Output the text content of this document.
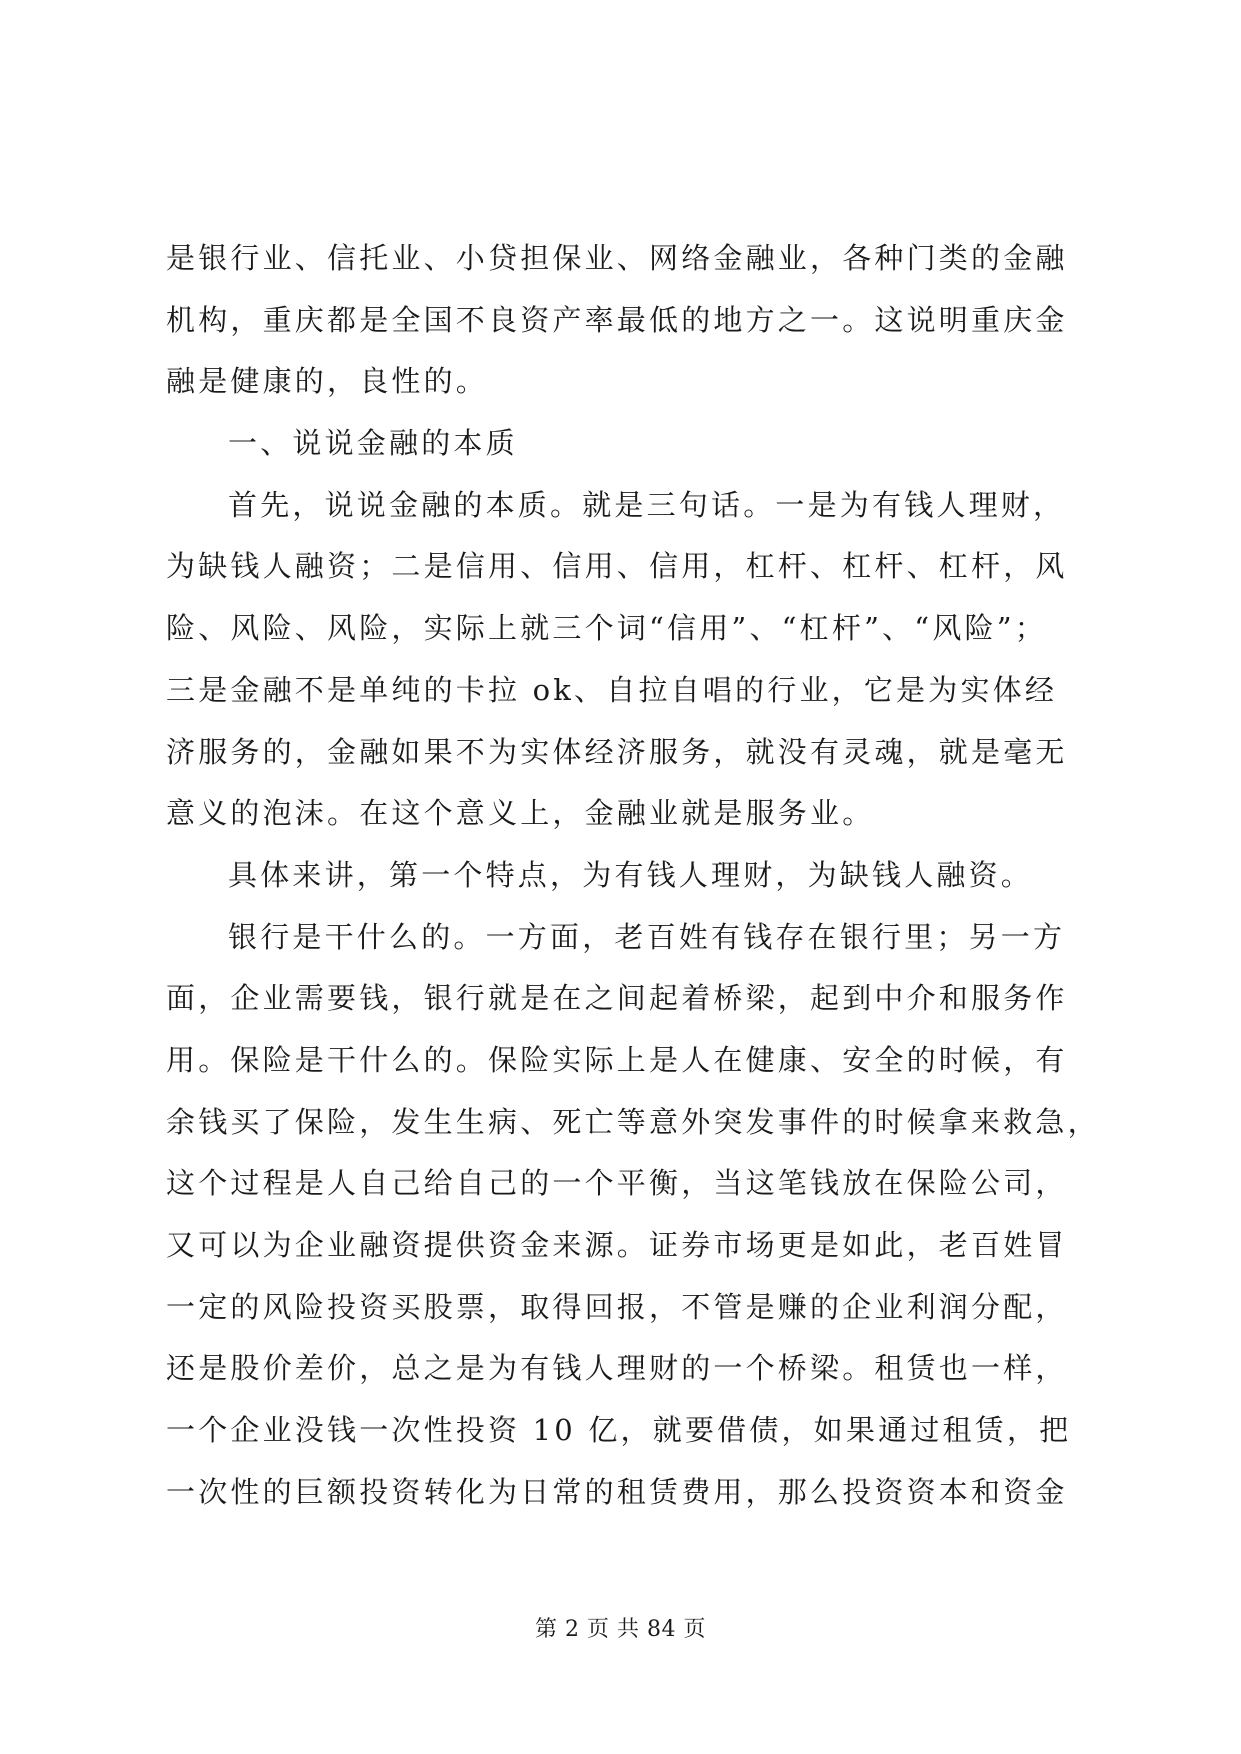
是银行业、信托业、小贷担保业、网络金融业，各种门类的金融
机构，重庆都是全国不良资产率最低的地方之一。这说明重庆金
融是健康的，良性的。
一、说说金融的本质
首先，说说金融的本质。就是三句话。一是为有钱人理财，
为缺钱人融资；二是信用、信用、信用，杠杆、杠杆、杠杆，风
险、风险、风险，实际上就三个词“信用”、“杠杆”、“风险”；
三是金融不是单纯的卡拉 ok、自拉自唱的行业，它是为实体经
济服务的，金融如果不为实体经济服务，就没有灵魂，就是毫无
意义的泡沫。在这个意义上，金融业就是服务业。
具体来讲，第一个特点，为有钱人理财，为缺钱人融资。
银行是干什么的。一方面，老百姓有钱存在银行里；另一方
面，企业需要钱，银行就是在之间起着桥梁，起到中介和服务作
用。保险是干什么的。保险实际上是人在健康、安全的时候，有
余钱买了保险，发生生病、死亡等意外突发事件的时候拿来救急，
这个过程是人自己给自己的一个平衡，当这笔钱放在保险公司，
又可以为企业融资提供资金来源。证券市场更是如此，老百姓冒
一定的风险投资买股票，取得回报，不管是赚的企业利润分配，
还是股价差价，总之是为有钱人理财的一个桥梁。租赁也一样，
一个企业没钱一次性投资 10 亿，就要借债，如果通过租赁，把
一次性的巨额投资转化为日常的租赁费用，那么投资资本和资金
第 2 页 共 84 页
